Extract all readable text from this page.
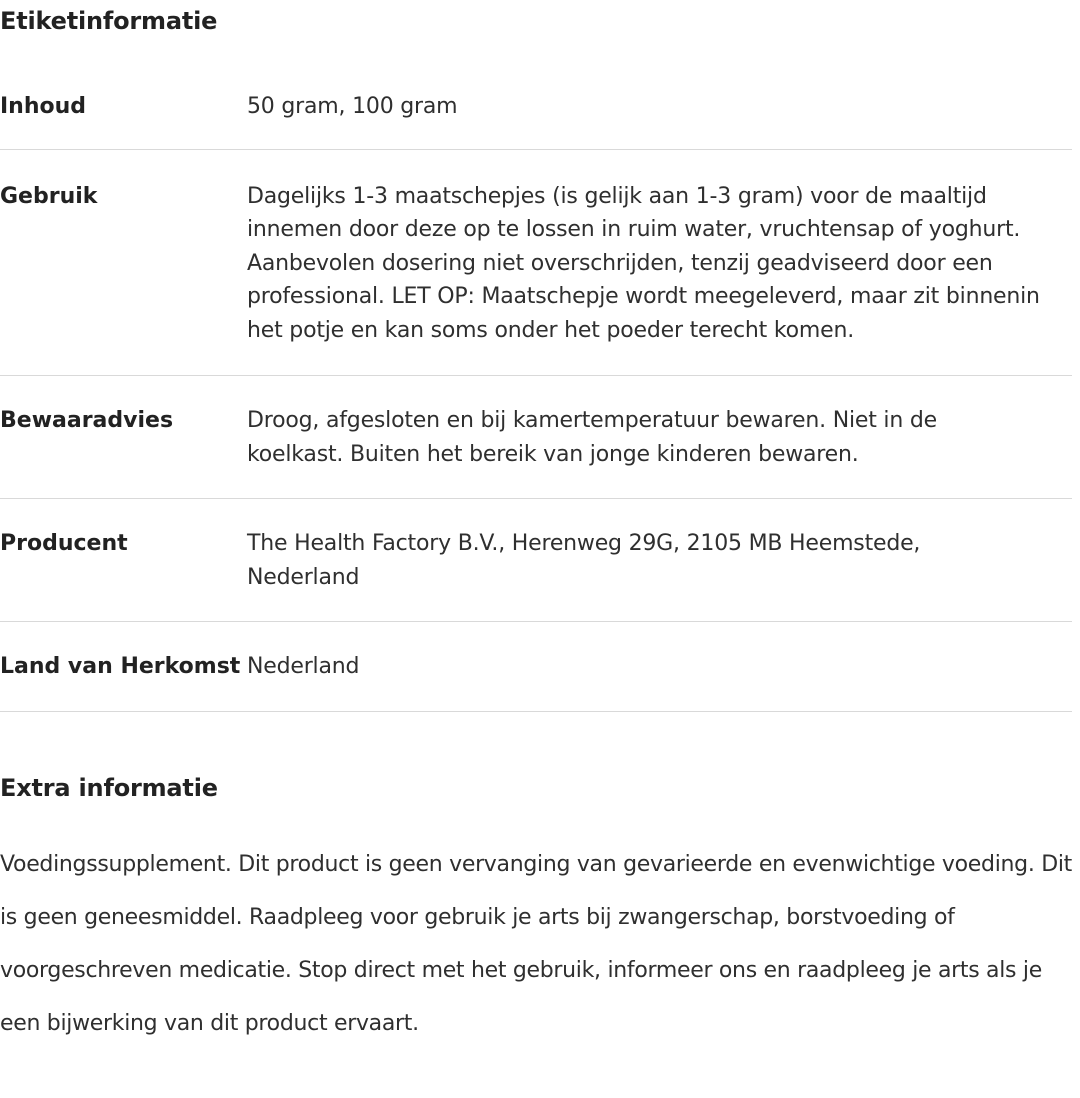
Etiketinformatie
Inhoud	50 gram, 100 gram
Gebruik	Dagelijks 1-3 maatschepjes (is gelijk aan 1-3 gram) voor de maaltijd innemen door deze op te lossen in ruim water, vruchtensap of yoghurt. Aanbevolen dosering niet overschrijden, tenzij geadviseerd door een professional. LET OP: Maatschepje wordt meegeleverd, maar zit binnenin het potje en kan soms onder het poeder terecht komen.
Bewaaradvies	Droog, afgesloten en bij kamertemperatuur bewaren. Niet in de koelkast. Buiten het bereik van jonge kinderen bewaren.
Producent	The Health Factory B.V., Herenweg 29G, 2105 MB Heemstede, Nederland
Land van Herkomst	Nederland
Extra informatie

Voedingssupplement. Dit product is geen vervanging van gevarieerde en evenwichtige voeding. Dit is geen geneesmiddel. Raadpleeg voor gebruik je arts bij zwangerschap, borstvoeding of voorgeschreven medicatie. Stop direct met het gebruik, informeer ons en raadpleeg je arts als je een bijwerking van dit product ervaart.
